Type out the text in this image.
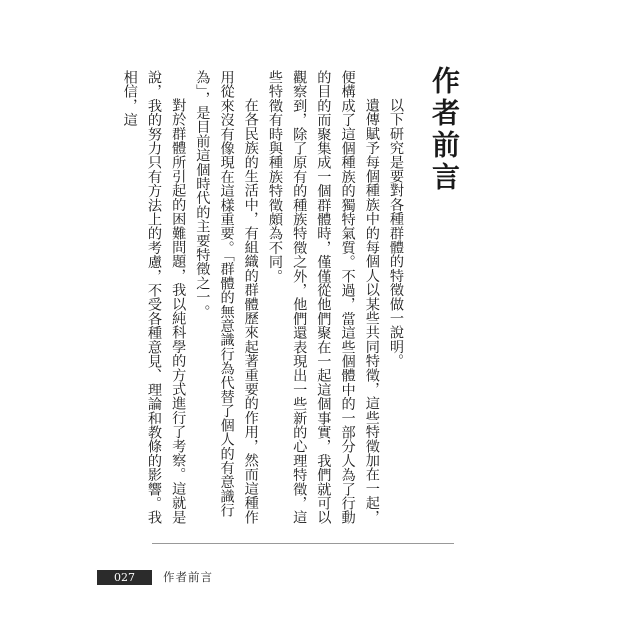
作者前言

以下研究是要對各種群體的特徵做一說明。

遺傳賦予每個種族中的每個人以某些共同特徵，這些特徵加在一起，便構成了這個種族的獨特氣質。不過，當這些個體中的一部分人為了行動的目的而聚集成一個群體時，僅僅從他們聚在一起這個事實，我們就可以觀察到，除了原有的種族特徵之外，他們還表現出一些新的心理特徵，這些特徵有時與種族特徵頗為不同。

在各民族的生活中，有組織的群體歷來起著重要的作用，然而這種作用從來沒有像現在這樣重要。「群體的無意識行為代替了個人的有意識行為」，是目前這個時代的主要特徵之一。

對於群體所引起的困難問題，我以純科學的方式進行了考察。這就是說，我的努力只有方法上的考慮，不受各種意見、理論和教條的影響。我相信，這

027	作者前言
